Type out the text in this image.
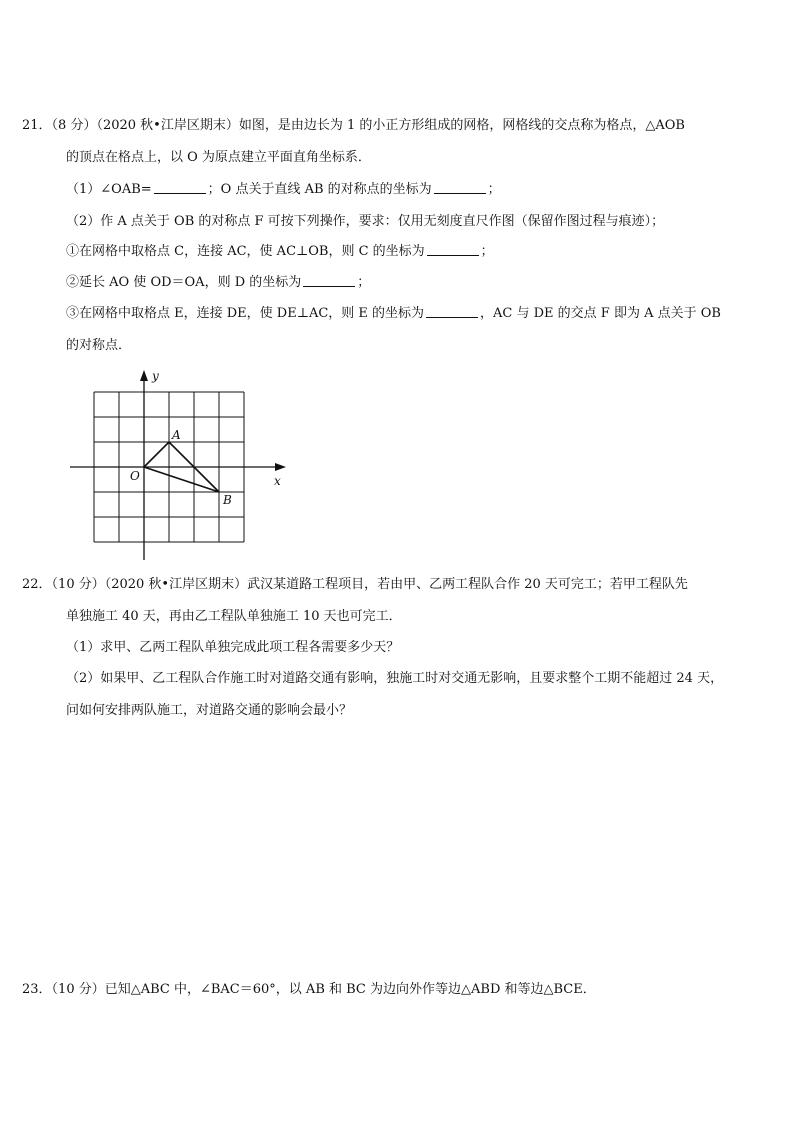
21．（8 分）（2020 秋•江岸区期末）如图，是由边长为 1 的小正方形组成的网格，网格线的交点称为格点，△AOB
的顶点在格点上，以 O 为原点建立平面直角坐标系．
（1）∠OAB=	；O 点关于直线 AB 的对称点的坐标为	；
（2）作 A 点关于 OB 的对称点 F 可按下列操作，要求：仅用无刻度直尺作图（保留作图过程与痕迹）；
①在网格中取格点 C，连接 AC，使 AC⊥OB，则 C 的坐标为	；
②延长 AO 使 OD＝OA，则 D 的坐标为	；
③在网格中取格点 E，连接 DE，使 DE⊥AC，则 E 的坐标为	，AC 与 DE 的交点 F 即为 A 点关于 OB
的对称点．
y
x
A
O
B
22．（10 分）（2020 秋•江岸区期末）武汉某道路工程项目，若由甲、乙两工程队合作 20 天可完工；若甲工程队先
单独施工 40 天，再由乙工程队单独施工 10 天也可完工．
（1）求甲、乙两工程队单独完成此项工程各需要多少天？
（2）如果甲、乙工程队合作施工时对道路交通有影响，独施工时对交通无影响，且要求整个工期不能超过 24 天，
问如何安排两队施工，对道路交通的影响会最小？
23．（10 分）已知△ABC 中，∠BAC＝60°，以 AB 和 BC 为边向外作等边△ABD 和等边△BCE．
